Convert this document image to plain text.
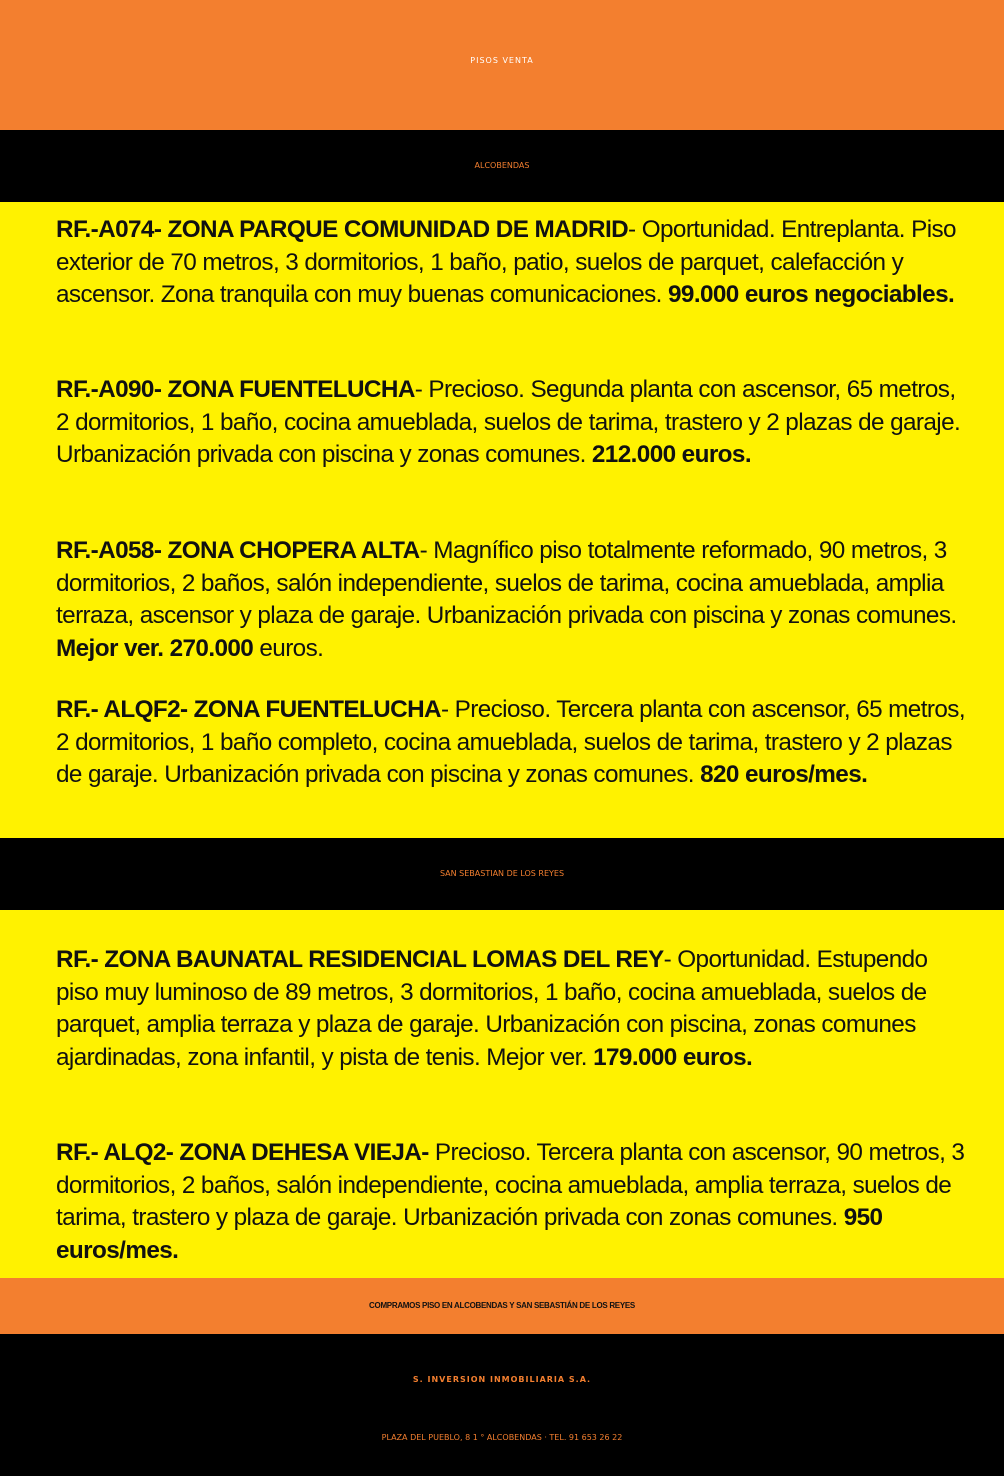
PISOS VENTA
ALCOBENDAS

RF.-A074- ZONA PARQUE COMUNIDAD DE MADRID- Oportunidad. Entreplanta. Piso exterior de 70 metros, 3 dormitorios, 1 baño, patio, suelos de parquet, calefacción y ascensor. Zona tranquila con muy buenas comunicaciones. 99.000 euros negociables.

RF.-A090- ZONA FUENTELUCHA- Precioso. Segunda planta con ascensor, 65 metros, 2 dormitorios, 1 baño, cocina amueblada, suelos de tarima, trastero y 2 plazas de garaje. Urbanización privada con piscina y zonas comunes. 212.000 euros.

RF.-A058- ZONA CHOPERA ALTA- Magnífico piso totalmente reformado, 90 metros, 3 dormitorios, 2 baños, salón independiente, suelos de tarima, cocina amueblada, amplia terraza, ascensor y plaza de garaje. Urbanización privada con piscina y zonas comunes. Mejor ver. 270.000 euros.

RF.- ALQF2- ZONA FUENTELUCHA- Precioso. Tercera planta con ascensor, 65 metros, 2 dormitorios, 1 baño completo, cocina amueblada, suelos de tarima, trastero y 2 plazas de garaje. Urbanización privada con piscina y zonas comunes. 820 euros/mes.

SAN SEBASTIAN DE LOS REYES

RF.- ZONA BAUNATAL RESIDENCIAL LOMAS DEL REY- Oportunidad. Estupendo piso muy luminoso de 89 metros, 3 dormitorios, 1 baño, cocina amueblada, suelos de parquet, amplia terraza y plaza de garaje. Urbanización con piscina, zonas comunes ajardinadas, zona infantil, y pista de tenis. Mejor ver. 179.000 euros.

RF.- ALQ2- ZONA DEHESA VIEJA- Precioso. Tercera planta con ascensor, 90 metros, 3 dormitorios, 2 baños, salón independiente, cocina amueblada, amplia terraza, suelos de tarima, trastero y plaza de garaje. Urbanización privada con zonas comunes. 950 euros/mes.

COMPRAMOS PISO EN ALCOBENDAS Y SAN SEBASTIÁN DE LOS REYES
S. INVERSION INMOBILIARIA S.A.
PLAZA DEL PUEBLO, 8 1 ° ALCOBENDAS · TEL. 91 653 26 22
